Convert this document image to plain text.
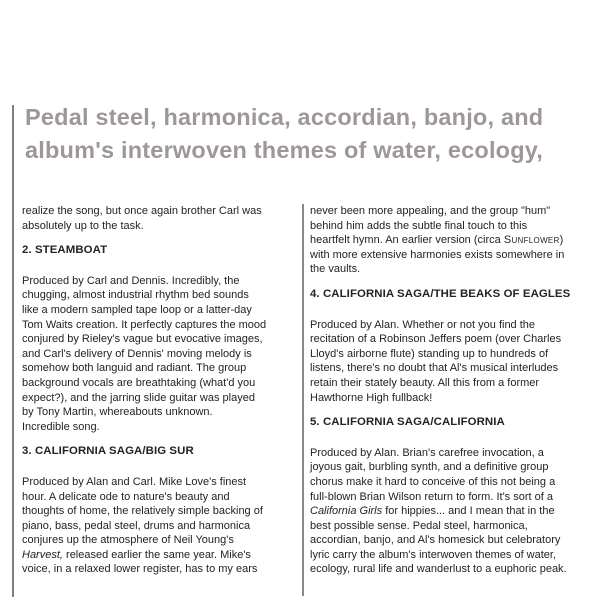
Pedal steel, harmonica, accordian, banjo, and
album's interwoven themes of water, ecology,

realize the song, but once again brother Carl was
absolutely up to the task.

2. STEAMBOAT

Produced by Carl and Dennis. Incredibly, the
chugging, almost industrial rhythm bed sounds
like a modern sampled tape loop or a latter-day
Tom Waits creation. It perfectly captures the mood
conjured by Rieley's vague but evocative images,
and Carl's delivery of Dennis' moving melody is
somehow both languid and radiant. The group
background vocals are breathtaking (what'd you
expect?), and the jarring slide guitar was played
by Tony Martin, whereabouts unknown.
Incredible song.

3. CALIFORNIA SAGA/BIG SUR

Produced by Alan and Carl. Mike Love's finest
hour. A delicate ode to nature's beauty and
thoughts of home, the relatively simple backing of
piano, bass, pedal steel, drums and harmonica
conjures up the atmosphere of Neil Young's
Harvest, released earlier the same year. Mike's
voice, in a relaxed lower register, has to my ears

never been more appealing, and the group "hum"
behind him adds the subtle final touch to this
heartfelt hymn. An earlier version (circa Sunflower)
with more extensive harmonies exists somewhere in
the vaults.

4. CALIFORNIA SAGA/THE BEAKS OF EAGLES

Produced by Alan. Whether or not you find the
recitation of a Robinson Jeffers poem (over Charles
Lloyd's airborne flute) standing up to hundreds of
listens, there's no doubt that Al's musical interludes
retain their stately beauty. All this from a former
Hawthorne High fullback!

5. CALIFORNIA SAGA/CALIFORNIA

Produced by Alan. Brian's carefree invocation, a
joyous gait, burbling synth, and a definitive group
chorus make it hard to conceive of this not being a
full-blown Brian Wilson return to form. It's sort of a
California Girls for hippies... and I mean that in the
best possible sense. Pedal steel, harmonica,
accordian, banjo, and Al's homesick but celebratory
lyric carry the album's interwoven themes of water,
ecology, rural life and wanderlust to a euphoric peak.
